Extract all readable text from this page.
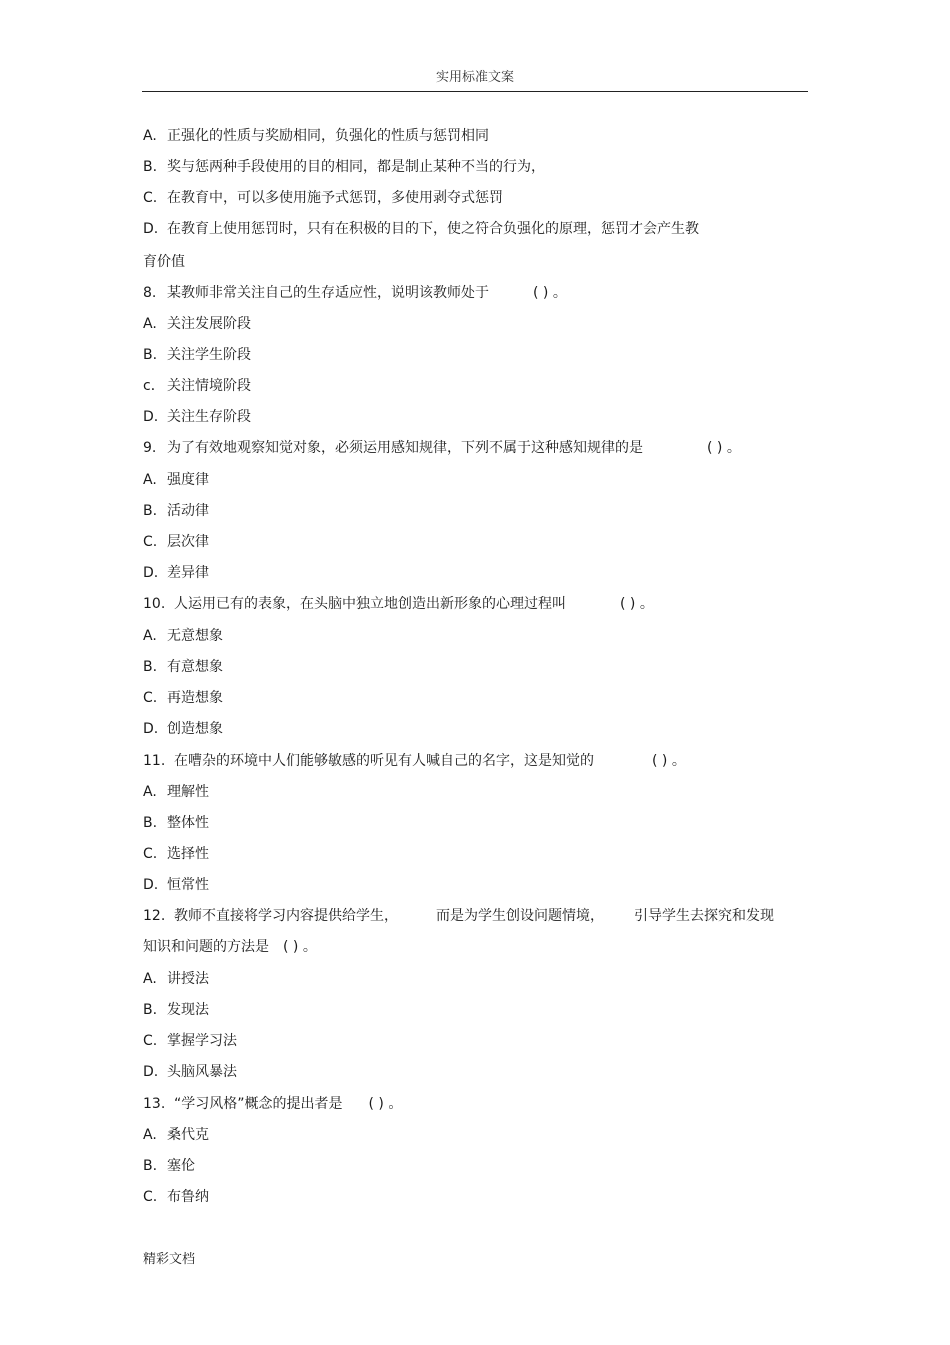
实用标准文案
A. 正强化的性质与奖励相同，负强化的性质与惩罚相同
B. 奖与惩两种手段使用的目的相同，都是制止某种不当的行为，
C. 在教育中，可以多使用施予式惩罚，多使用剥夺式惩罚
D. 在教育上使用惩罚时，只有在积极的目的下，使之符合负强化的原理，惩罚才会产生教
育价值
8. 某教师非常关注自己的生存适应性，说明该教师处于	( ) 。
A. 关注发展阶段
B. 关注学生阶段
c． 关注情境阶段
D. 关注生存阶段
9. 为了有效地观察知觉对象，必须运用感知规律，下列不属于这种感知规律的是	( ) 。
A. 强度律
B. 活动律
C. 层次律
D. 差异律
10. 人运用已有的表象，在头脑中独立地创造出新形象的心理过程叫	( ) 。
A. 无意想象
B. 有意想象
C. 再造想象
D. 创造想象
11. 在嘈杂的环境中人们能够敏感的听见有人喊自己的名字，这是知觉的	( ) 。
A. 理解性
B. 整体性
C. 选择性
D. 恒常性
12. 教师不直接将学习内容提供给学生，	而是为学生创设问题情境， 引导学生去探究和发现
知识和问题的方法是 ( ) 。
A. 讲授法
B. 发现法
C. 掌握学习法
D. 头脑风暴法
13. “学习风格”概念的提出者是 ( ) 。
A. 桑代克
B. 塞伦
C. 布鲁纳
精彩文档
